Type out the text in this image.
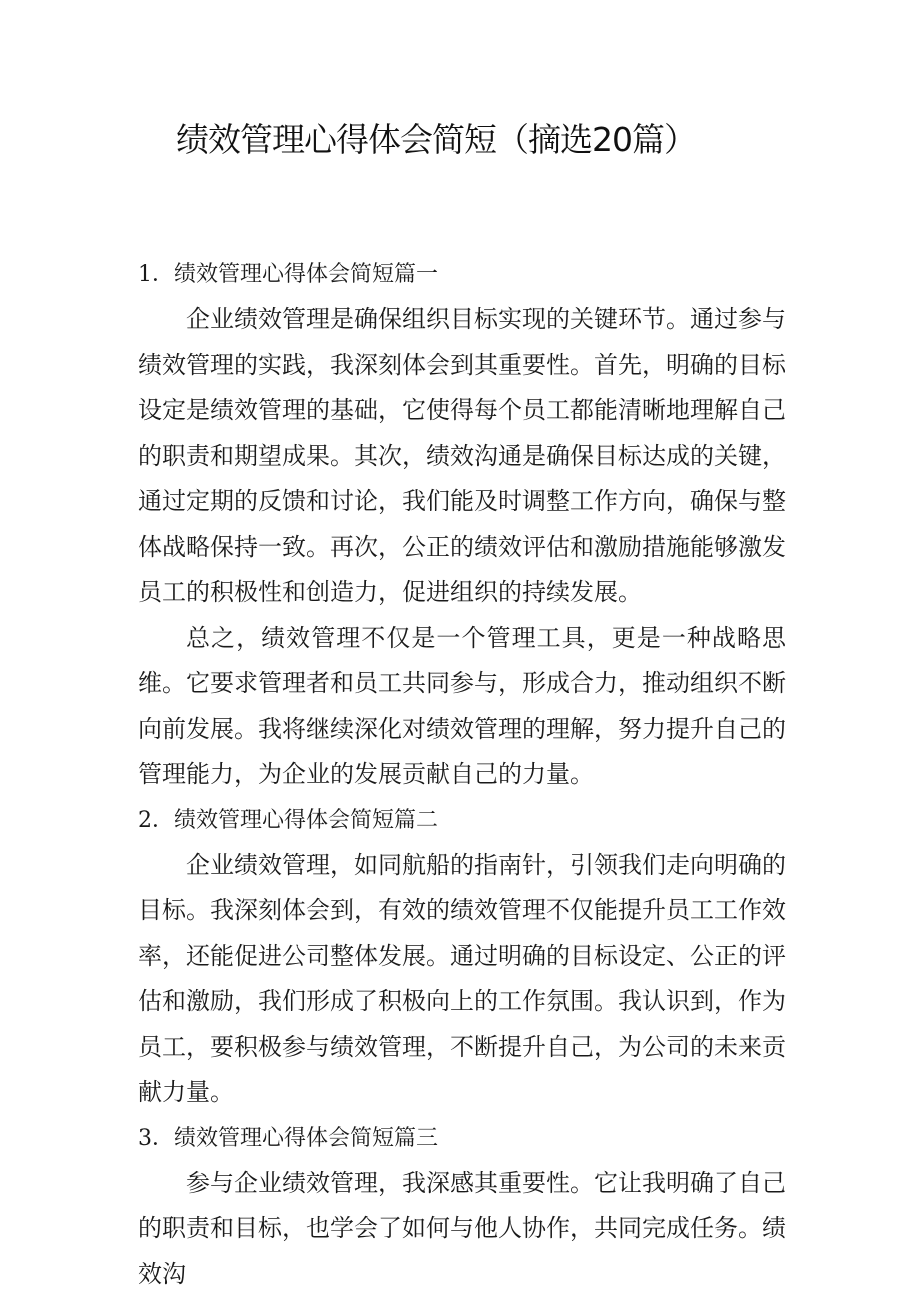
绩效管理心得体会简短（摘选20篇）

1．绩效管理心得体会简短篇一

企业绩效管理是确保组织目标实现的关键环节。通过参与绩效管理的实践，我深刻体会到其重要性。首先，明确的目标设定是绩效管理的基础，它使得每个员工都能清晰地理解自己的职责和期望成果。其次，绩效沟通是确保目标达成的关键，通过定期的反馈和讨论，我们能及时调整工作方向，确保与整体战略保持一致。再次，公正的绩效评估和激励措施能够激发员工的积极性和创造力，促进组织的持续发展。

总之，绩效管理不仅是一个管理工具，更是一种战略思维。它要求管理者和员工共同参与，形成合力，推动组织不断向前发展。我将继续深化对绩效管理的理解，努力提升自己的管理能力，为企业的发展贡献自己的力量。

2．绩效管理心得体会简短篇二

企业绩效管理，如同航船的指南针，引领我们走向明确的目标。我深刻体会到，有效的绩效管理不仅能提升员工工作效率，还能促进公司整体发展。通过明确的目标设定、公正的评估和激励，我们形成了积极向上的工作氛围。我认识到，作为员工，要积极参与绩效管理，不断提升自己，为公司的未来贡献力量。

3．绩效管理心得体会简短篇三

参与企业绩效管理，我深感其重要性。它让我明确了自己的职责和目标，也学会了如何与他人协作，共同完成任务。绩效沟
